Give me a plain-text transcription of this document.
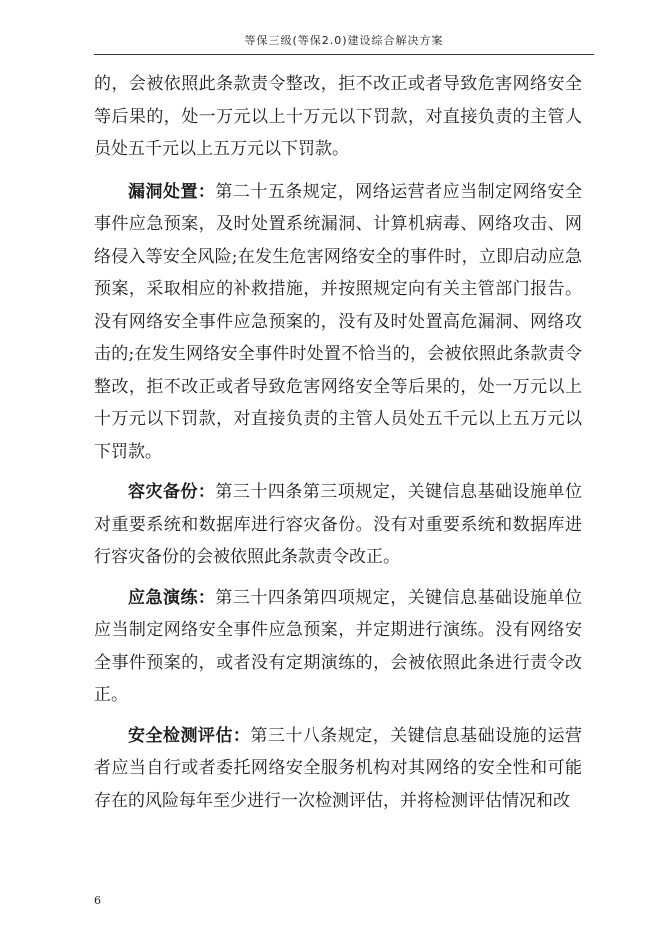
等保三级(等保2.0)建设综合解决方案

的，会被依照此条款责令整改，拒不改正或者导致危害网络安全等后果的，处一万元以上十万元以下罚款，对直接负责的主管人员处五千元以上五万元以下罚款。

漏洞处置：第二十五条规定，网络运营者应当制定网络安全事件应急预案，及时处置系统漏洞、计算机病毒、网络攻击、网络侵入等安全风险;在发生危害网络安全的事件时，立即启动应急预案，采取相应的补救措施，并按照规定向有关主管部门报告。没有网络安全事件应急预案的，没有及时处置高危漏洞、网络攻击的;在发生网络安全事件时处置不恰当的，会被依照此条款责令整改，拒不改正或者导致危害网络安全等后果的，处一万元以上十万元以下罚款，对直接负责的主管人员处五千元以上五万元以下罚款。

容灾备份：第三十四条第三项规定，关键信息基础设施单位对重要系统和数据库进行容灾备份。没有对重要系统和数据库进行容灾备份的会被依照此条款责令改正。

应急演练：第三十四条第四项规定，关键信息基础设施单位应当制定网络安全事件应急预案，并定期进行演练。没有网络安全事件预案的，或者没有定期演练的，会被依照此条进行责令改正。

安全检测评估：第三十八条规定，关键信息基础设施的运营者应当自行或者委托网络安全服务机构对其网络的安全性和可能存在的风险每年至少进行一次检测评估，并将检测评估情况和改

6
